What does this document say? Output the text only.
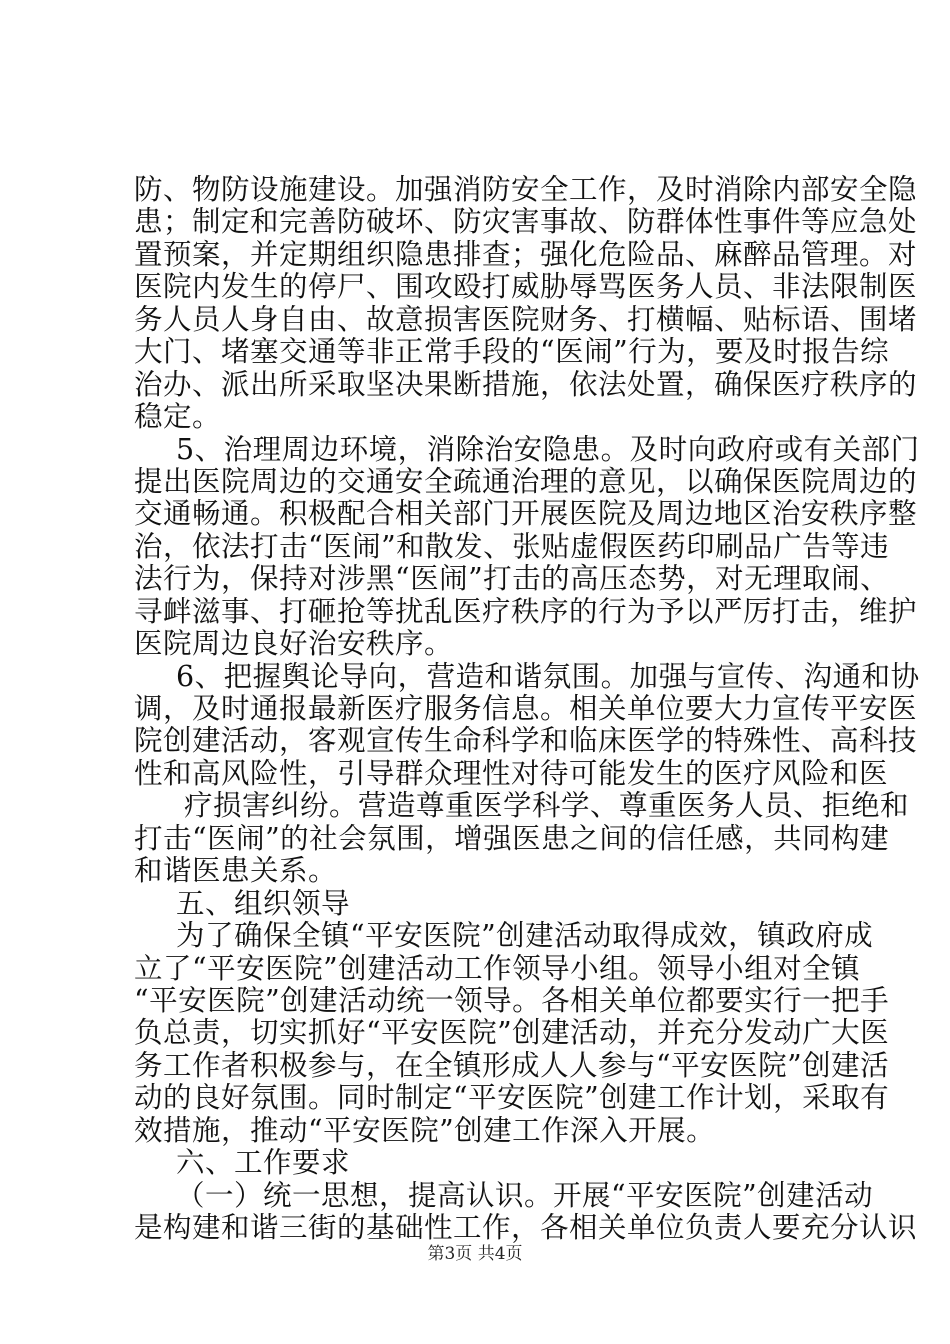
防、物防设施建设。加强消防安全工作，及时消除内部安全隐
患；制定和完善防破坏、防灾害事故、防群体性事件等应急处
置预案，并定期组织隐患排查；强化危险品、麻醉品管理。对
医院内发生的停尸、围攻殴打威胁辱骂医务人员、非法限制医
务人员人身自由、故意损害医院财务、打横幅、贴标语、围堵
大门、堵塞交通等非正常手段的“医闹”行为，要及时报告综
治办、派出所采取坚决果断措施，依法处置，确保医疗秩序的
稳定。
5、治理周边环境，消除治安隐患。及时向政府或有关部门
提出医院周边的交通安全疏通治理的意见，以确保医院周边的
交通畅通。积极配合相关部门开展医院及周边地区治安秩序整
治，依法打击“医闹”和散发、张贴虚假医药印刷品广告等违
法行为，保持对涉黑“医闹”打击的高压态势，对无理取闹、
寻衅滋事、打砸抢等扰乱医疗秩序的行为予以严厉打击，维护
医院周边良好治安秩序。
6、把握舆论导向，营造和谐氛围。加强与宣传、沟通和协
调，及时通报最新医疗服务信息。相关单位要大力宣传平安医
院创建活动，客观宣传生命科学和临床医学的特殊性、高科技
性和高风险性，引导群众理性对待可能发生的医疗风险和医
疗损害纠纷。营造尊重医学科学、尊重医务人员、拒绝和
打击“医闹”的社会氛围，增强医患之间的信任感，共同构建
和谐医患关系。
五、组织领导
为了确保全镇“平安医院”创建活动取得成效，镇政府成
立了“平安医院”创建活动工作领导小组。领导小组对全镇
“平安医院”创建活动统一领导。各相关单位都要实行一把手
负总责，切实抓好“平安医院”创建活动，并充分发动广大医
务工作者积极参与，在全镇形成人人参与“平安医院”创建活
动的良好氛围。同时制定“平安医院”创建工作计划，采取有
效措施，推动“平安医院”创建工作深入开展。
六、工作要求
（一）统一思想，提高认识。开展“平安医院”创建活动
是构建和谐三街的基础性工作，各相关单位负责人要充分认识
第3页 共4页
